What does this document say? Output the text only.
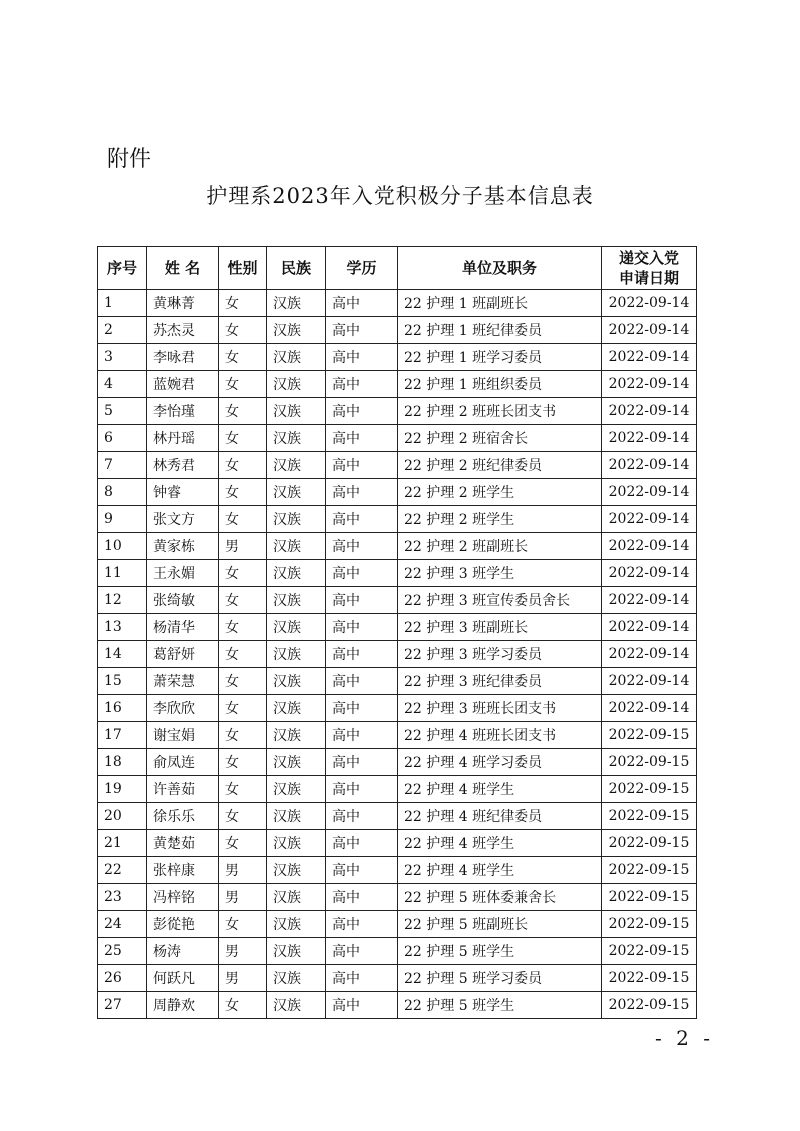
附件
护理系2023年入党积极分子基本信息表
序号	姓 名	性别	民族	学历	单位及职务	递交入党
申请日期

1	黄琳菁	女	汉族	高中	22 护理 1 班副班长	2022-09-14
2	苏杰灵	女	汉族	高中	22 护理 1 班纪律委员	2022-09-14
3	李咏君	女	汉族	高中	22 护理 1 班学习委员	2022-09-14
4	蓝婉君	女	汉族	高中	22 护理 1 班组织委员	2022-09-14
5	李怡瑾	女	汉族	高中	22 护理 2 班班长团支书	2022-09-14
6	林丹瑶	女	汉族	高中	22 护理 2 班宿舍长	2022-09-14
7	林秀君	女	汉族	高中	22 护理 2 班纪律委员	2022-09-14
8	钟睿	女	汉族	高中	22 护理 2 班学生	2022-09-14
9	张文方	女	汉族	高中	22 护理 2 班学生	2022-09-14
10	黄家栋	男	汉族	高中	22 护理 2 班副班长	2022-09-14
11	王永媚	女	汉族	高中	22 护理 3 班学生	2022-09-14
12	张绮敏	女	汉族	高中	22 护理 3 班宣传委员舍长	2022-09-14
13	杨清华	女	汉族	高中	22 护理 3 班副班长	2022-09-14
14	葛舒妍	女	汉族	高中	22 护理 3 班学习委员	2022-09-14
15	萧荣慧	女	汉族	高中	22 护理 3 班纪律委员	2022-09-14
16	李欣欣	女	汉族	高中	22 护理 3 班班长团支书	2022-09-14
17	谢宝娟	女	汉族	高中	22 护理 4 班班长团支书	2022-09-15
18	俞凤连	女	汉族	高中	22 护理 4 班学习委员	2022-09-15
19	许善茹	女	汉族	高中	22 护理 4 班学生	2022-09-15
20	徐乐乐	女	汉族	高中	22 护理 4 班纪律委员	2022-09-15
21	黄楚茹	女	汉族	高中	22 护理 4 班学生	2022-09-15
22	张梓康	男	汉族	高中	22 护理 4 班学生	2022-09-15
23	冯梓铭	男	汉族	高中	22 护理 5 班体委兼舍长	2022-09-15
24	彭從艳	女	汉族	高中	22 护理 5 班副班长	2022-09-15
25	杨涛	男	汉族	高中	22 护理 5 班学生	2022-09-15
26	何跃凡	男	汉族	高中	22 护理 5 班学习委员	2022-09-15
27	周静欢	女	汉族	高中	22 护理 5 班学生	2022-09-15
- 2 -
